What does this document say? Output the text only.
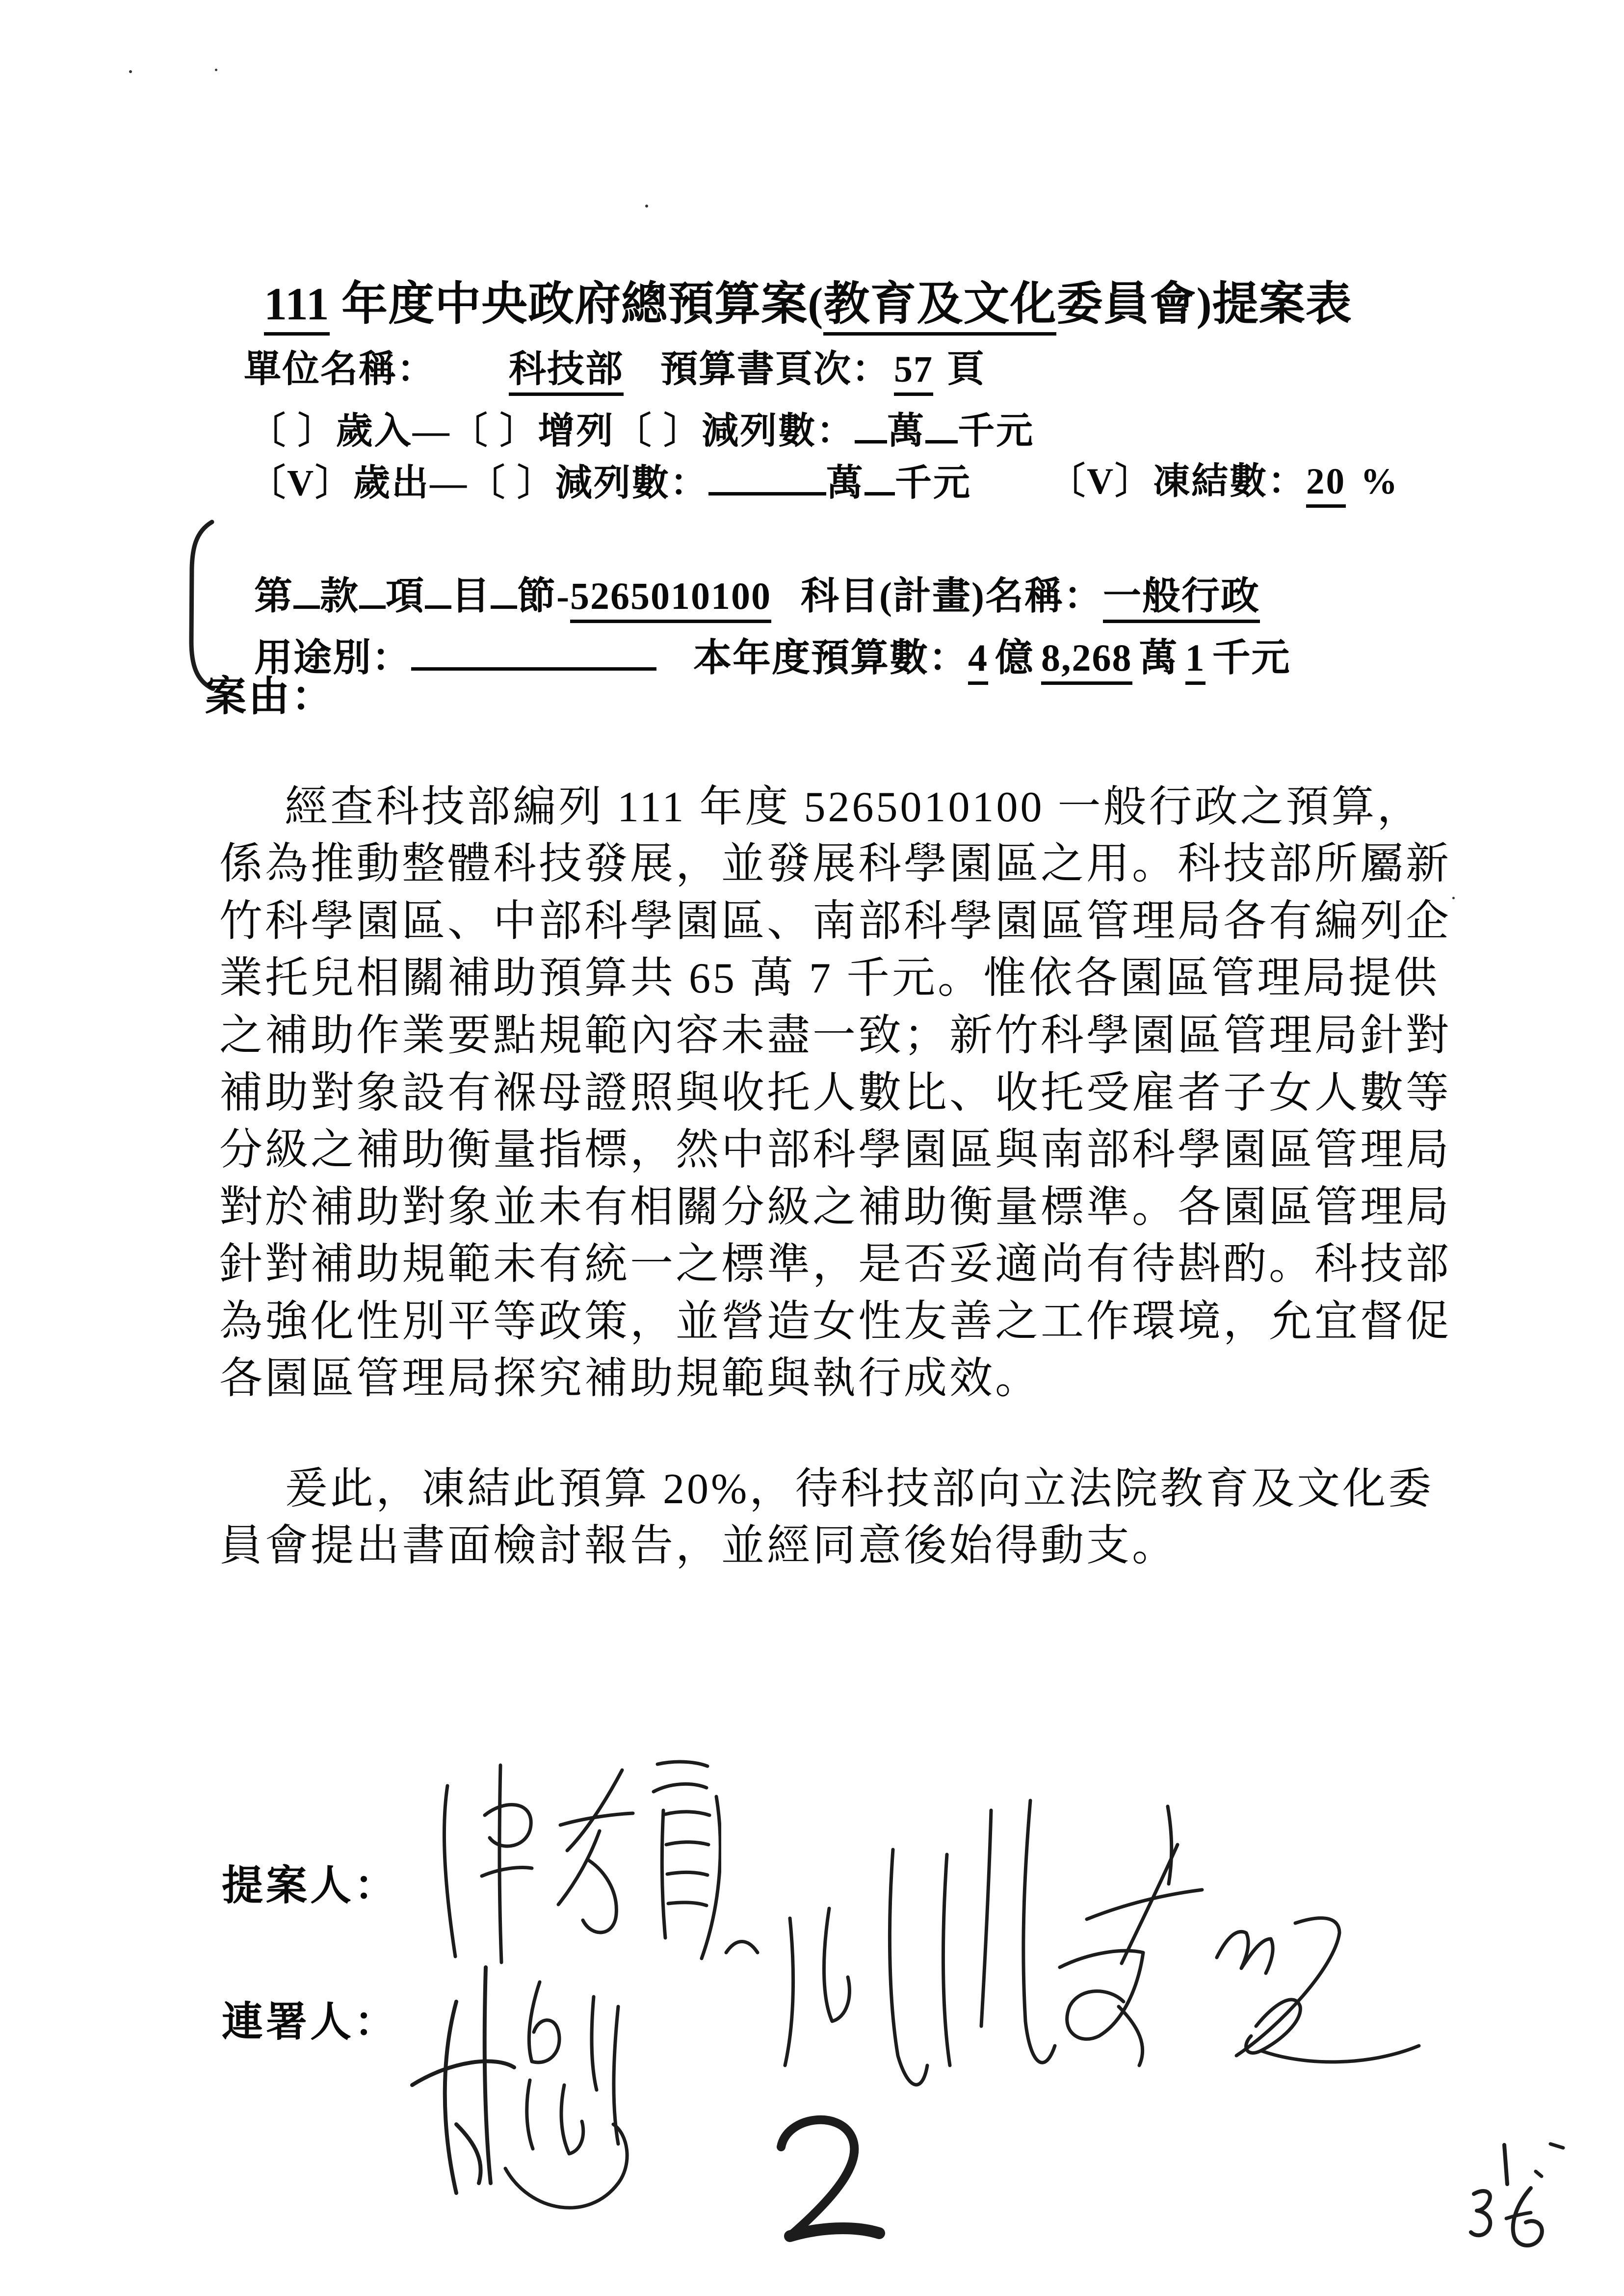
111 年度中央政府總預算案(教育及文化委員會)提案表

單位名稱： 科技部 預算書頁次： 57 頁

〔 〕歲入—〔 〕增列〔 〕減列數： 萬 千元

〔V〕歲出—〔 〕減列數：	萬 千元
	〔V〕凍結數：20 %

第 款 項 目 節-5265010100 科目(計畫)名稱：一般行政

用途別：	本年度預算數：4 億 8,268 萬 1 千元

案由：
經查科技部編列 111 年度 5265010100 一般行政之預算，
係為推動整體科技發展，並發展科學園區之用。科技部所屬新
竹科學園區、中部科學園區、南部科學園區管理局各有編列企
業托兒相關補助預算共 65 萬 7 千元。惟依各園區管理局提供
之補助作業要點規範內容未盡一致；新竹科學園區管理局針對
補助對象設有褓母證照與收托人數比、收托受雇者子女人數等
分級之補助衡量指標，然中部科學園區與南部科學園區管理局
對於補助對象並未有相關分級之補助衡量標準。各園區管理局
針對補助規範未有統一之標準，是否妥適尚有待斟酌。科技部
為強化性別平等政策，並營造女性友善之工作環境，允宜督促
各園區管理局探究補助規範與執行成效。
爰此，凍結此預算 20%，待科技部向立法院教育及文化委
員會提出書面檢討報告，並經同意後始得動支。
提案人：
連署人：
